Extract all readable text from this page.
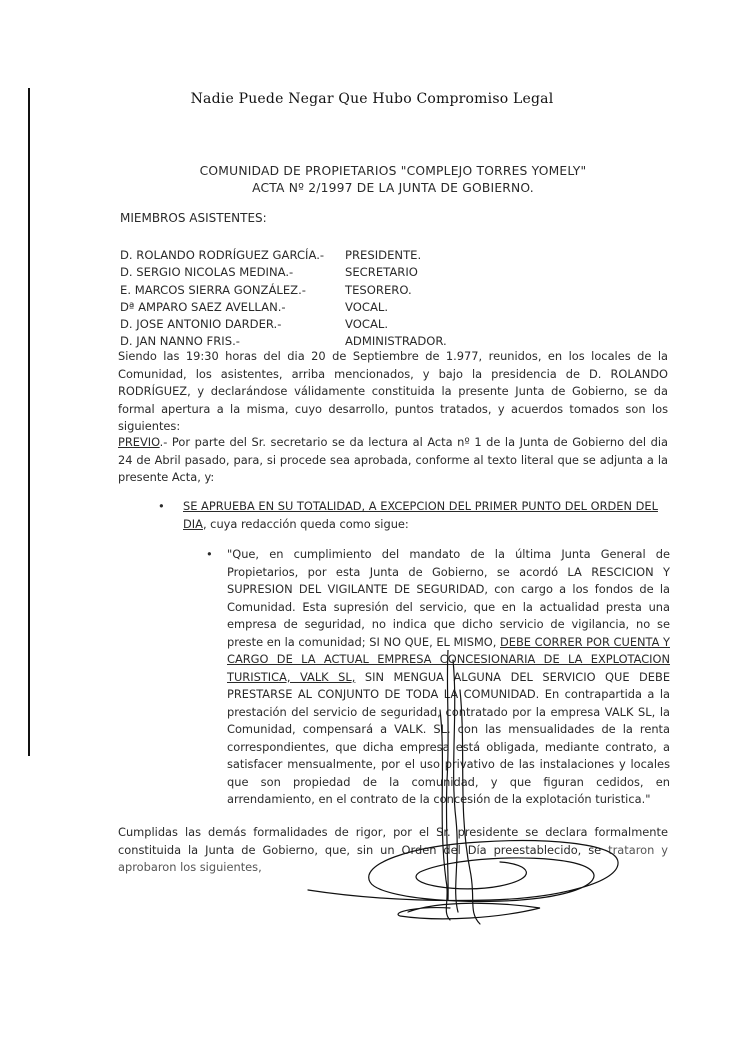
Nadie Puede Negar Que Hubo Compromiso Legal
COMUNIDAD DE PROPIETARIOS "COMPLEJO TORRES YOMELY"
ACTA Nº 2/1997 DE LA JUNTA DE GOBIERNO.
MIEMBROS ASISTENTES:
D. ROLANDO RODRÍGUEZ GARCÍA.-	PRESIDENTE.
D. SERGIO NICOLAS MEDINA.-	SECRETARIO
E. MARCOS SIERRA GONZÁLEZ.-	TESORERO.
Dª AMPARO SAEZ AVELLAN.-	VOCAL.
D. JOSE ANTONIO DARDER.-	VOCAL.
D. JAN NANNO FRIS.-	ADMINISTRADOR.
Siendo las 19:30 horas del dia 20 de Septiembre de 1.977, reunidos, en los locales de la Comunidad, los asistentes, arriba mencionados, y bajo la presidencia de D. ROLANDO RODRÍGUEZ, y declarándose válidamente constituida la presente Junta de Gobierno, se da formal apertura a la misma, cuyo desarrollo, puntos tratados, y acuerdos tomados son los siguientes:
PREVIO.- Por parte del Sr. secretario se da lectura al Acta nº 1 de la Junta de Gobierno del dia 24 de Abril pasado, para, si procede sea aprobada, conforme al texto literal que se adjunta a la presente Acta, y:
• SE APRUEBA EN SU TOTALIDAD, A EXCEPCION DEL PRIMER PUNTO DEL ORDEN DEL DIA, cuya redacción queda como sigue:
• "Que, en cumplimiento del mandato de la última Junta General de Propietarios, por esta Junta de Gobierno, se acordó LA RESCICION Y SUPRESION DEL VIGILANTE DE SEGURIDAD, con cargo a los fondos de la Comunidad. Esta supresión del servicio, que en la actualidad presta una empresa de seguridad, no indica que dicho servicio de vigilancia, no se preste en la comunidad; SI NO QUE, EL MISMO, DEBE CORRER POR CUENTA Y CARGO DE LA ACTUAL EMPRESA CONCESIONARIA DE LA EXPLOTACION TURISTICA, VALK SL, SIN MENGUA ALGUNA DEL SERVICIO QUE DEBE PRESTARSE AL CONJUNTO DE TODA LA COMUNIDAD. En contrapartida a la prestación del servicio de seguridad, contratado por la empresa VALK SL, la Comunidad, compensará a VALK. SL. con las mensualidades de la renta correspondientes, que dicha empresa está obligada, mediante contrato, a satisfacer mensualmente, por el uso privativo de las instalaciones y locales que son propiedad de la comunidad, y que figuran cedidos, en arrendamiento, en el contrato de la concesión de la explotación turistica."
Cumplidas las demás formalidades de rigor, por el Sr. presidente se declara formalmente constituida la Junta de Gobierno, que, sin un Orden del Día preestablecido, se trataron y aprobaron los siguientes,
